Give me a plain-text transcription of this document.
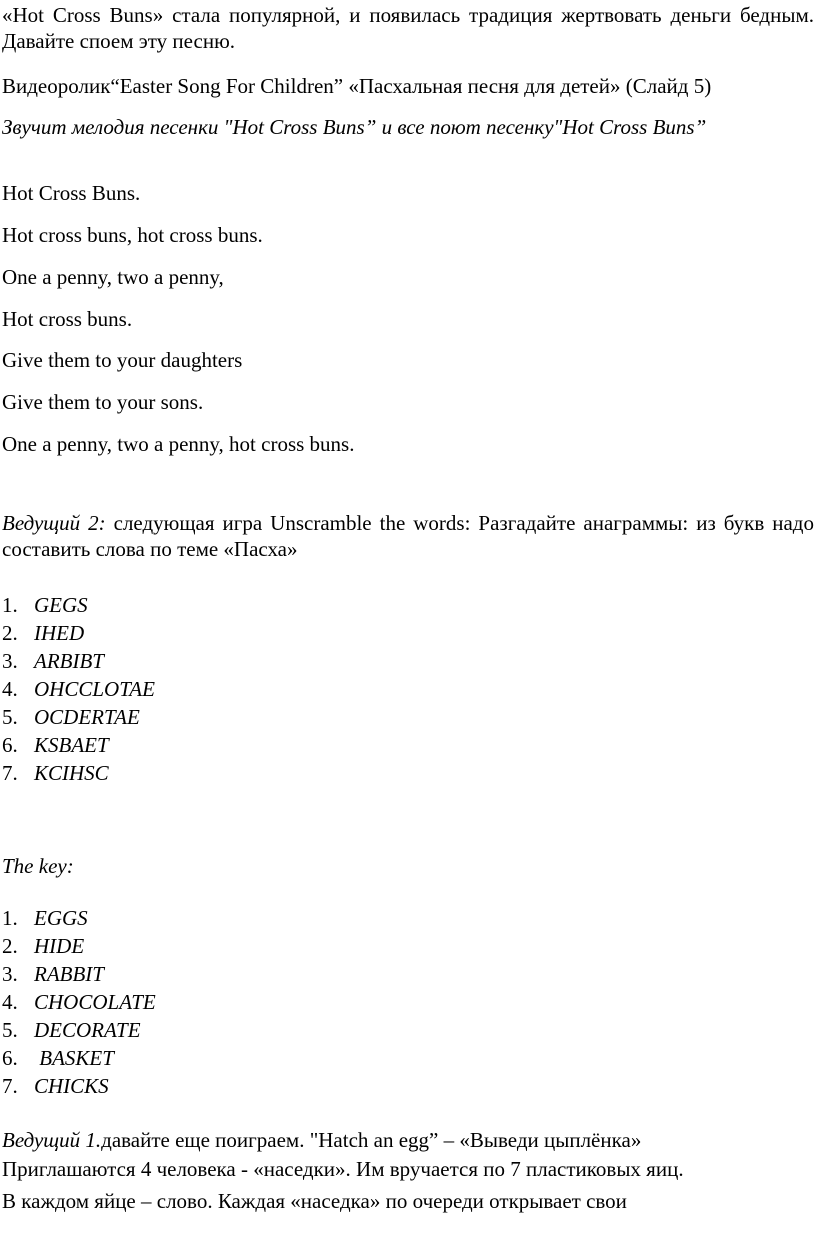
«Hot Cross Buns» стала популярной, и появилась традиция жертвовать деньги бедным. Давайте споем эту песню.

Видеоролик“Easter Song For Children” «Пасхальная песня для детей» (Слайд 5)

Звучит мелодия песенки "Hot Cross Buns” и все поют песенку"Hot Cross Buns”

Hot Cross Buns.

Hot cross buns, hot cross buns.

One a penny, two a penny,

Hot cross buns.

Give them to your daughters

Give them to your sons.

One a penny, two a penny, hot cross buns.

Ведущий 2: следующая игра Unscramble the words: Разгадайте анаграммы: из букв надо составить слова по теме «Пасха»

1. GEGS
2. IHED
3. ARBIBT
4. OHCCLOTAE
5. OCDERTAE
6. KSBAET
7. KCIHSC

The key:

1. EGGS
2. HIDE
3. RABBIT
4. CHOCOLATE
5. DECORATE
6. BASKET
7. CHICKS

Ведущий 1.давайте еще поиграем. "Hatch an egg” – «Выведи цыплёнка»

Приглашаются 4 человека - «наседки». Им вручается по 7 пластиковых яиц.

В каждом яйце – слово. Каждая «наседка» по очереди открывает свои
